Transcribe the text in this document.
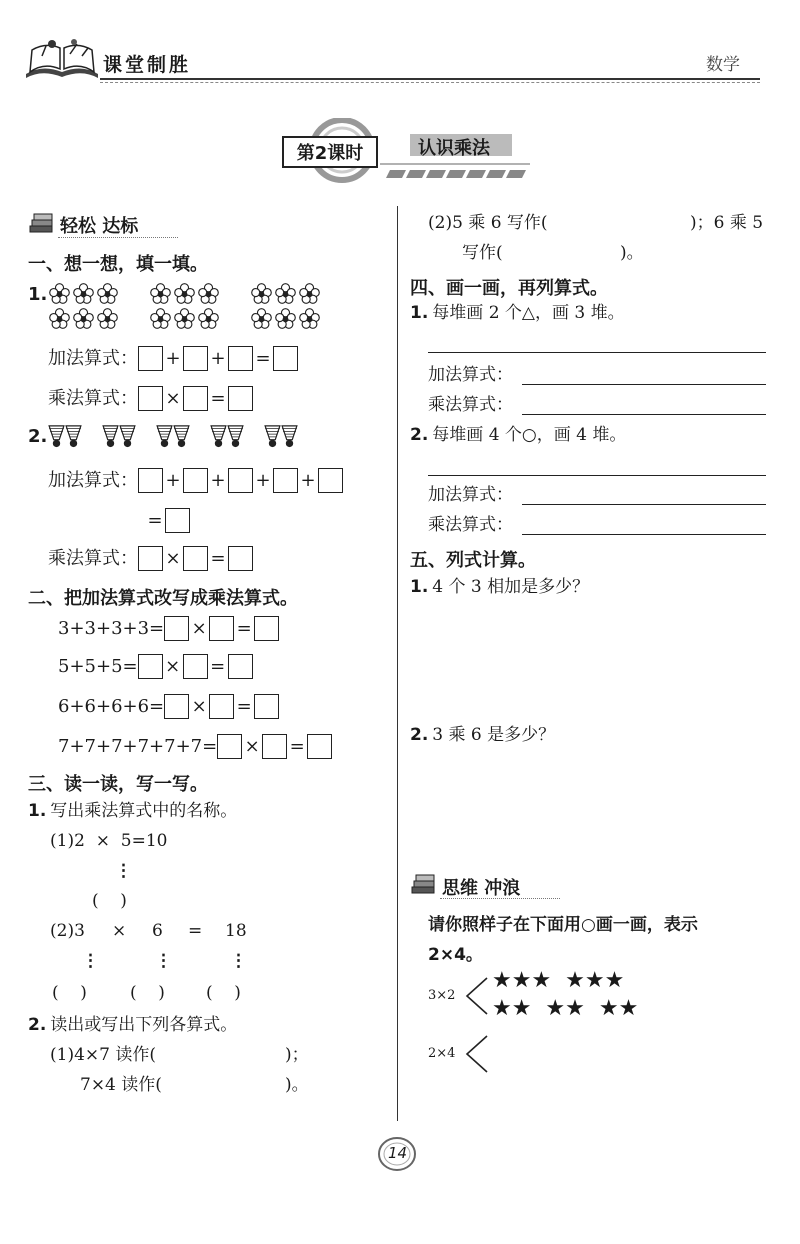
课堂制胜	数学
第2课时	认识乘法
轻松 达标
一、想一想，填一填。
1.
加法算式： + + =
乘法算式： × =
2.
加法算式： + + + +
=
乘法算式： × =
二、把加法算式改写成乘法算式。
3+3+3+3= × =
5+5+5= × =
6+6+6+6= × =
7+7+7+7+7+7= × =
三、读一读，写一写。
1. 写出乘法算式中的名称。
(1)2  ×  5=10
⋮
(    )
(2)3 × 6 = 18
⋮	⋮	⋮
(    )	(    ) (    )
2. 读出或写出下列各算式。
(1)4×7 读作(	)；
7×4 读作(	)。
(2)5 乘 6 写作(	)；6 乘 5
写作(	)。
四、画一画，再列算式。
1. 每堆画 2 个△，画 3 堆。
加法算式：
乘法算式：
2. 每堆画 4 个○，画 4 堆。
加法算式：
乘法算式：
五、列式计算。
1. 4 个 3 相加是多少？
2. 3 乘 6 是多少？
思维 冲浪
请你照样子在下面用○画一画，表示
2×4。
3×2
★★★  ★★★
★★  ★★  ★★
2×4
14
